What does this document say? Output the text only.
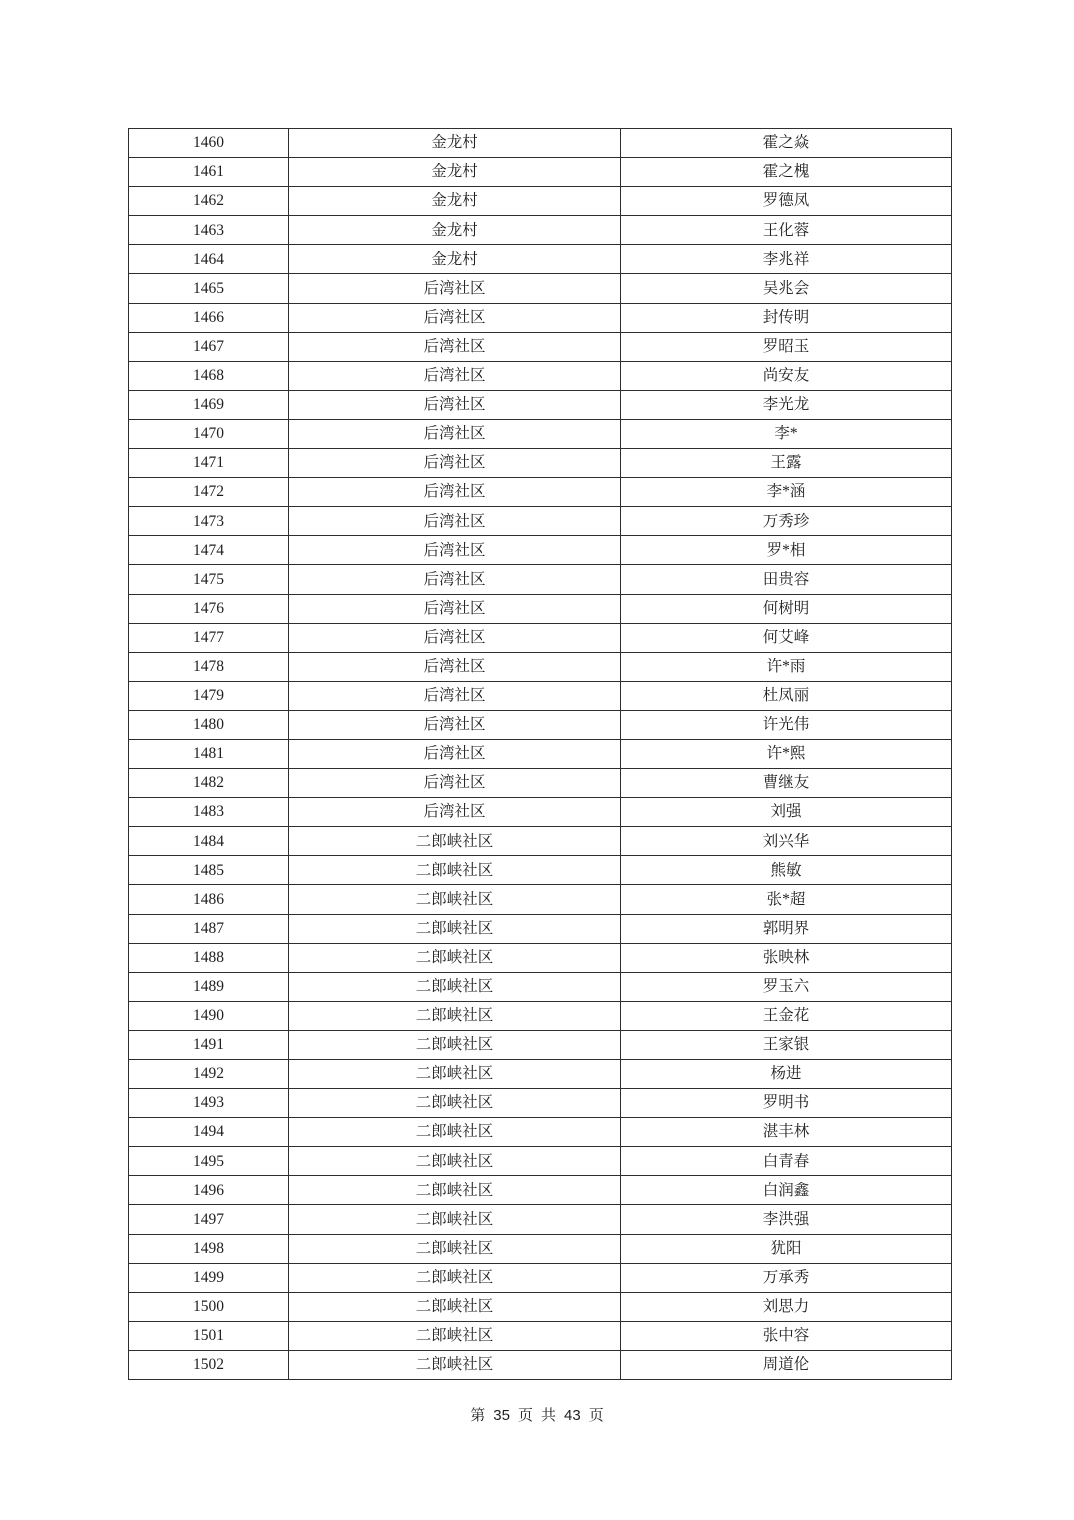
1460	金龙村	霍之焱
1461	金龙村	霍之槐
1462	金龙村	罗德凤
1463	金龙村	王化蓉
1464	金龙村	李兆祥
1465	后湾社区	吴兆会
1466	后湾社区	封传明
1467	后湾社区	罗昭玉
1468	后湾社区	尚安友
1469	后湾社区	李光龙
1470	后湾社区	李*
1471	后湾社区	王露
1472	后湾社区	李*涵
1473	后湾社区	万秀珍
1474	后湾社区	罗*相
1475	后湾社区	田贵容
1476	后湾社区	何树明
1477	后湾社区	何艾峰
1478	后湾社区	许*雨
1479	后湾社区	杜凤丽
1480	后湾社区	许光伟
1481	后湾社区	许*熙
1482	后湾社区	曹继友
1483	后湾社区	刘强
1484	二郎峡社区	刘兴华
1485	二郎峡社区	熊敏
1486	二郎峡社区	张*超
1487	二郎峡社区	郭明界
1488	二郎峡社区	张映林
1489	二郎峡社区	罗玉六
1490	二郎峡社区	王金花
1491	二郎峡社区	王家银
1492	二郎峡社区	杨进
1493	二郎峡社区	罗明书
1494	二郎峡社区	湛丰林
1495	二郎峡社区	白青春
1496	二郎峡社区	白润鑫
1497	二郎峡社区	李洪强
1498	二郎峡社区	犹阳
1499	二郎峡社区	万承秀
1500	二郎峡社区	刘思力
1501	二郎峡社区	张中容
1502	二郎峡社区	周道伦
第 35 页 共 43 页
